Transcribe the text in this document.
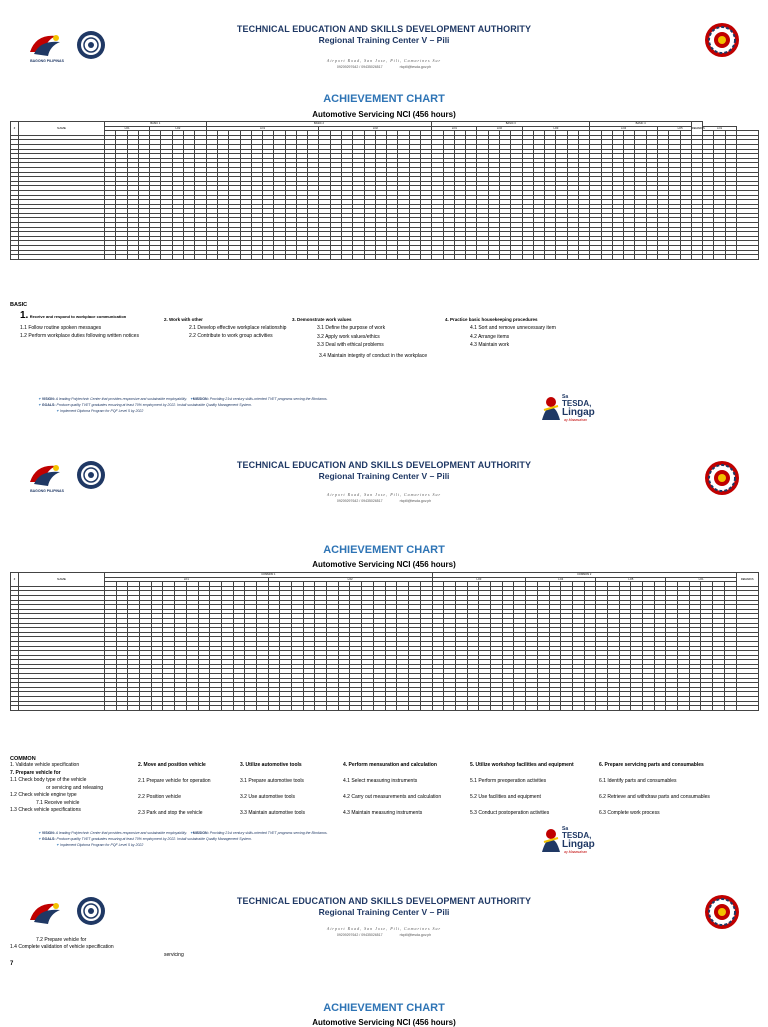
BAGONG PILIPINAS
TECHNICAL EDUCATION AND SKILLS DEVELOPMENT AUTHORITY
Regional Training Center V – Pili
Airport Road, San Jose, Pili, Camarines Sur
09209297642 / 09435026517	rtcpili@tesda.gov.ph
ACHIEVEMENT CHART
Automotive Servicing NCI (456 hours)
#	NAME	BASIC 1									BASIC 2																				BASIC 3														BASIC 4									REMARKS				
		LO1				LO2					LO1										LO2										LO1				LO2				LO3						LO4						LO5				LO1			

BASIC
1. Receive and respond to workplace communication
1.1 Follow routine spoken messages
1.2 Perform workplace duties following written notices
2. Work with other
2.1 Develop effective workplace relationship
2.2 Contribute to work group activities
3. Demonstrate work values
3.1 Define the purpose of work
3.2 Apply work values/ethics
3.3 Deal with ethical problems
3.4 Maintain integrity of conduct in the workplace
4. Practice basic housekeeping procedures
4.1 Sort and remove unnecessary item
4.2 Arrange items
4.3 Maintain work
✦ VISION: A leading Polytechnic Center that provides responsive and sustainable employability. ✦MISSION: Providing 21st century skills-oriented TVET programs serving the Bicolanos.
✦ GOALS: Produce quality TVET graduates ensuring at least 70% employment by 2022. Install sustainable Quality Management System.
✦ Implement Diploma Program for PQF Level 5 by 2022
Sa
TESDA,
Lingap
ay Maaasahan
BAGONG PILIPINAS
TECHNICAL EDUCATION AND SKILLS DEVELOPMENT AUTHORITY
Regional Training Center V – Pili
Airport Road, San Jose, Pili, Camarines Sur
09209297642 / 09435026517	rtcpili@tesda.gov.ph
ACHIEVEMENT CHART
Automotive Servicing NCI (456 hours)
#	NAME	COMMON 1																												COMMON 2																										REMARKS
		LO1														LO2														LO3								LO4						LO5						LO1						

COMMON
1. Validate vehicle specification
7. Prepare vehicle for
1.1 Check body type of the vehicle
or servicing and releasing
1.2 Check vehicle engine type
7.1 Receive vehicle
1.3 Check vehicle specifications
2. Move and position vehicle
2.1 Prepare vehicle for operation
2.2 Position vehicle
2.3 Park and stop the vehicle
3. Utilize automotive tools
3.1 Prepare automotive tools
3.2 Use automotive tools
3.3 Maintain automotive tools
4. Perform mensuration and calculation
4.1 Select measuring instruments
4.2 Carry out measurements and calculation
4.3 Maintain measuring instruments
5. Utilize workshop facilities and equipment
5.1 Perform preoperation activities
5.2 Use facilities and equipment
5.3 Conduct postoperation activities
6. Prepare servicing parts and consumables
6.1 Identify parts and consumables
6.2 Retrieve and withdraw parts and consumables
6.3 Complete work process
✦ VISION: A leading Polytechnic Center that provides responsive and sustainable employability. ✦MISSION: Providing 21st century skills-oriented TVET programs serving the Bicolanos.
✦ GOALS: Produce quality TVET graduates ensuring at least 70% employment by 2022. Install sustainable Quality Management System.
✦ Implement Diploma Program for PQF Level 5 by 2022
Sa
TESDA,
Lingap
ay Maaasahan
TECHNICAL EDUCATION AND SKILLS DEVELOPMENT AUTHORITY
Regional Training Center V – Pili
Airport Road, San Jose, Pili, Camarines Sur
09209297642 / 09435026517	rtcpili@tesda.gov.ph
7.2 Prepare vehicle for
1.4 Complete validation of vehicle specification
servicing
7
ACHIEVEMENT CHART
Automotive Servicing NCI (456 hours)
